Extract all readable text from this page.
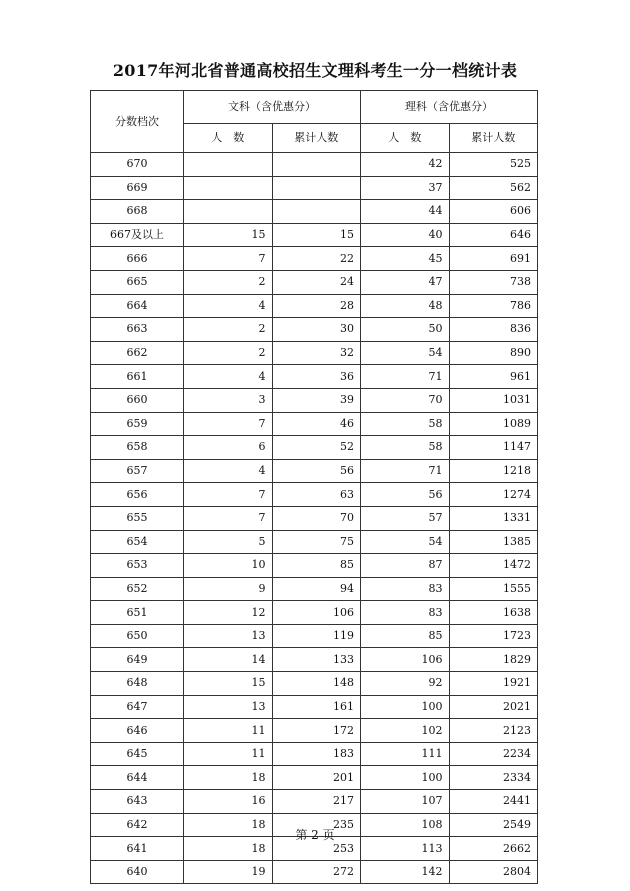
2017年河北省普通高校招生文理科考生一分一档统计表
分数档次	文科（含优惠分）		理科（含优惠分）	
	人　数	累计人数	人　数	累计人数
670			42	525
669			37	562
668			44	606
667及以上	15	15	40	646
666	7	22	45	691
665	2	24	47	738
664	4	28	48	786
663	2	30	50	836
662	2	32	54	890
661	4	36	71	961
660	3	39	70	1031
659	7	46	58	1089
658	6	52	58	1147
657	4	56	71	1218
656	7	63	56	1274
655	7	70	57	1331
654	5	75	54	1385
653	10	85	87	1472
652	9	94	83	1555
651	12	106	83	1638
650	13	119	85	1723
649	14	133	106	1829
648	15	148	92	1921
647	13	161	100	2021
646	11	172	102	2123
645	11	183	111	2234
644	18	201	100	2334
643	16	217	107	2441
642	18	235	108	2549
641	18	253	113	2662
640	19	272	142	2804
第 2 页
